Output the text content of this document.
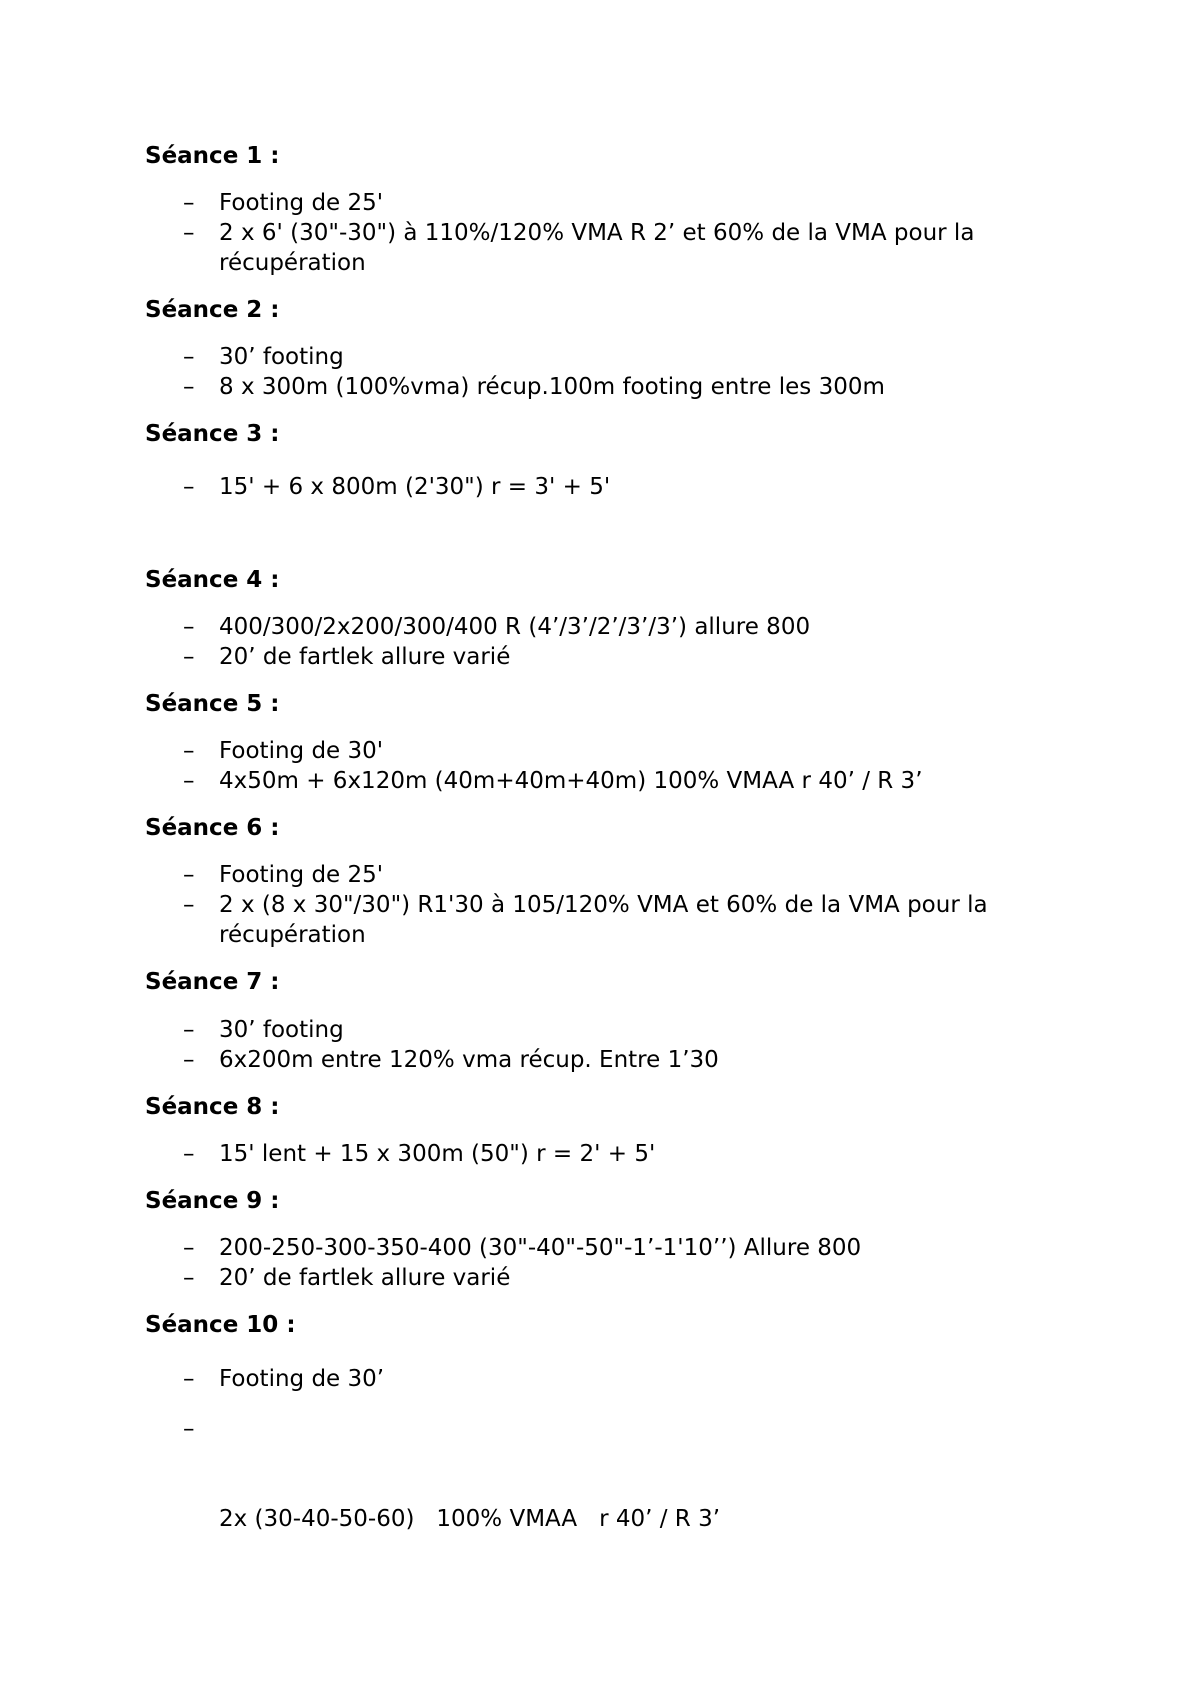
Séance 1 :
– Footing de 25'
– 2 x 6' (30"-30") à 110%/120% VMA R 2’ et 60% de la VMA pour la récupération
Séance 2 :
– 30’ footing
– 8 x 300m (100%vma) récup.100m footing entre les 300m
Séance 3 :
– 15' + 6 x 800m (2'30") r = 3' + 5'
Séance 4 :
– 400/300/2x200/300/400 R (4’/3’/2’/3’/3’) allure 800
– 20’ de fartlek allure varié
Séance 5 :
– Footing de 30'
– 4x50m + 6x120m (40m+40m+40m) 100% VMAA r 40’ / R 3’
Séance 6 :
– Footing de 25'
– 2 x (8 x 30"/30") R1'30 à 105/120% VMA et 60% de la VMA pour la récupération
Séance 7 :
– 30’ footing
– 6x200m entre 120% vma récup. Entre 1’30
Séance 8 :
– 15' lent + 15 x 300m (50") r = 2' + 5'
Séance 9 :
– 200-250-300-350-400 (30"-40"-50"-1’-1'10’’) Allure 800
– 20’ de fartlek allure varié
Séance 10 :
– Footing de 30’

–

2x (30-40-50-60)   100% VMAA   r 40’ / R 3’
